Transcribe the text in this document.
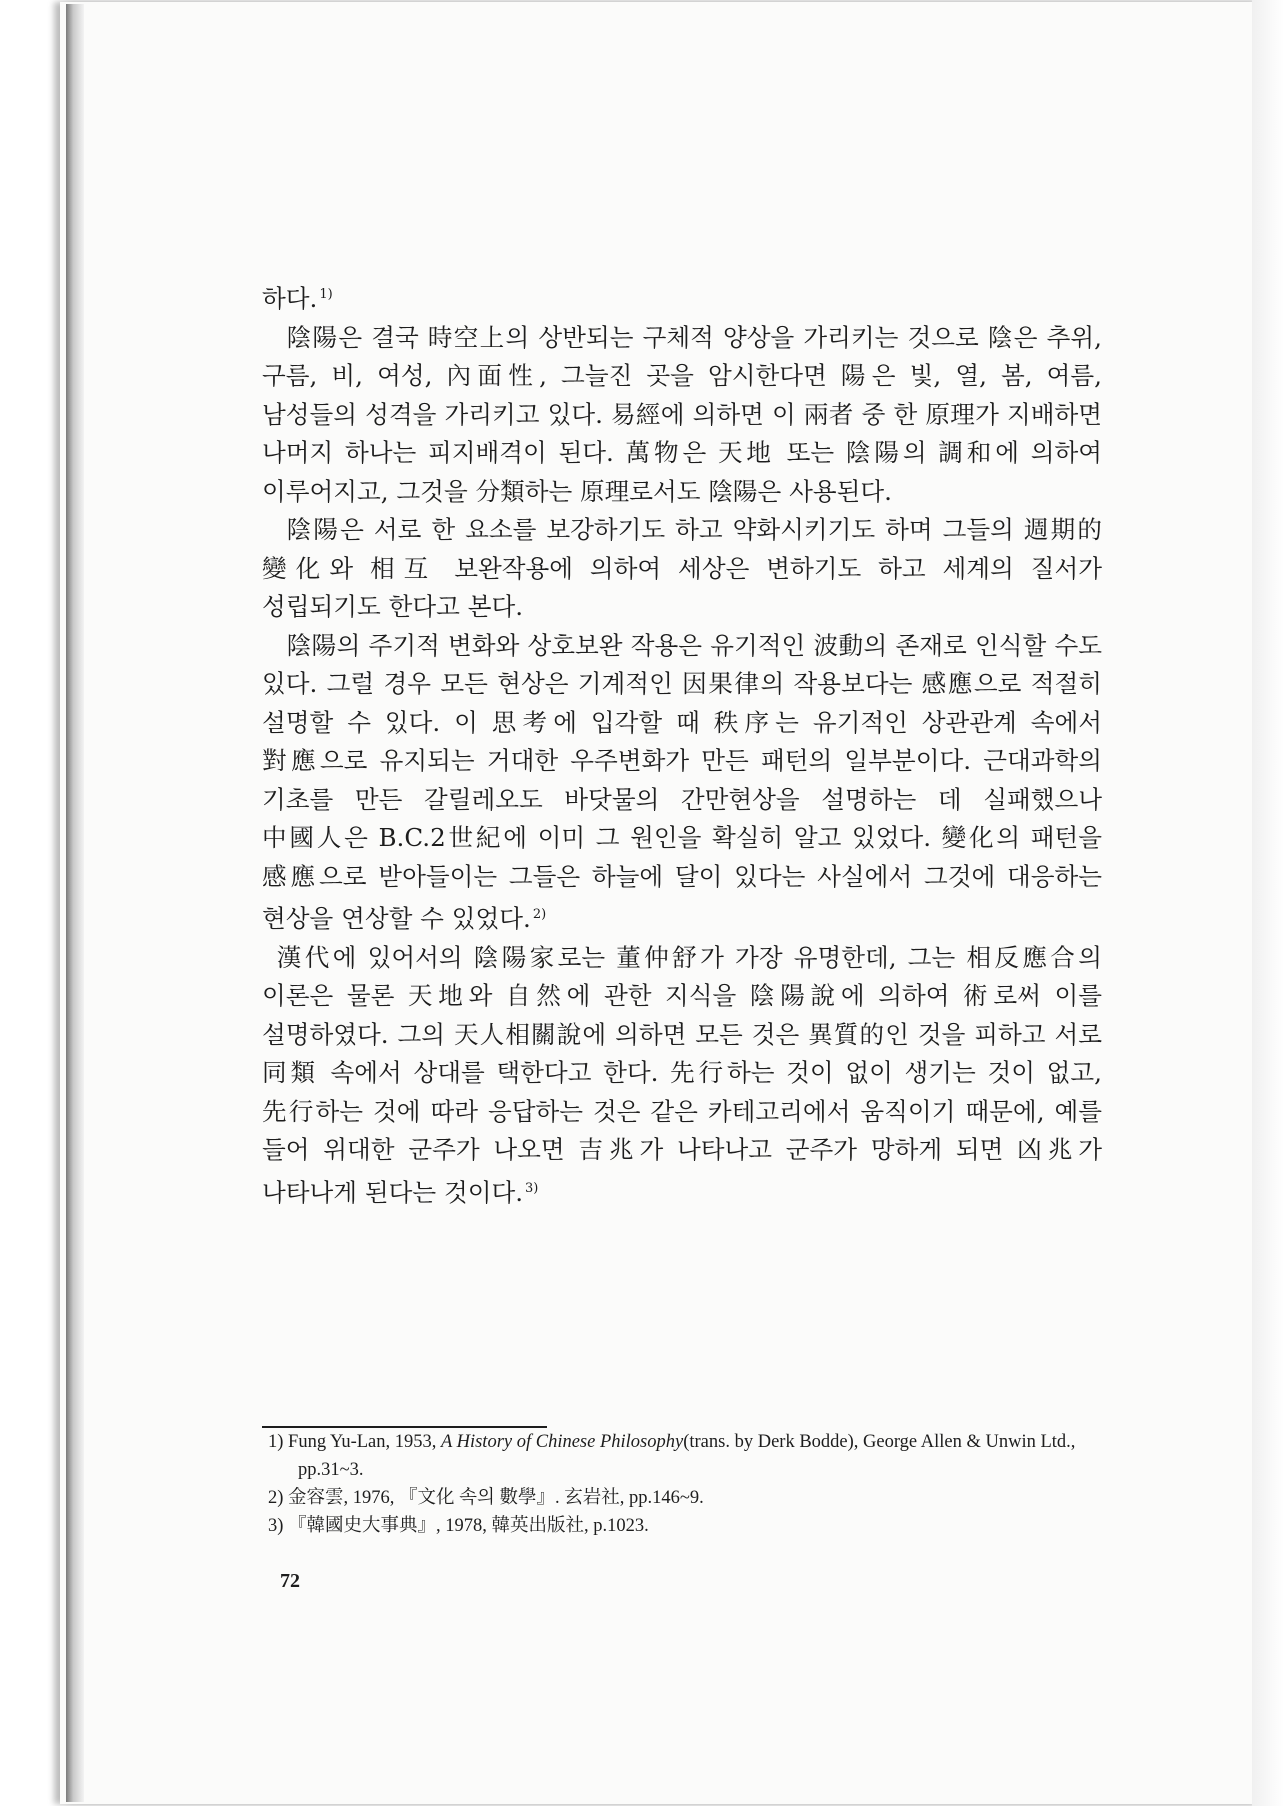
하다. $^{1)}$

陰陽은 결국 時空上의 상반되는 구체적 양상을 가리키는 것으로 陰은 추위, 구름, 비, 여성, 內面性, 그늘진 곳을 암시한다면 陽은 빛, 열, 봄, 여름, 남성들의 성격을 가리키고 있다. 易經에 의하면 이 兩者 중 한 原理가 지배하면 나머지 하나는 피지배격이 된다. 萬物은 天地 또는 陰陽의 調和에 의하여 이루어지고, 그것을 分類하는 原理로서도 陰陽은 사용된다.

陰陽은 서로 한 요소를 보강하기도 하고 약화시키기도 하며 그들의 週期的 變化와 相互 보완작용에 의하여 세상은 변하기도 하고 세계의 질서가 성립되기도 한다고 본다.

陰陽의 주기적 변화와 상호보완 작용은 유기적인 波動의 존재로 인식할 수도 있다. 그럴 경우 모든 현상은 기계적인 因果律의 작용보다는 感應으로 적절히 설명할 수 있다. 이 思考에 입각할 때 秩序는 유기적인 상관관계 속에서 對應으로 유지되는 거대한 우주변화가 만든 패턴의 일부분이다. 근대과학의 기초를 만든 갈릴레오도 바닷물의 간만현상을 설명하는 데 실패했으나 中國人은 B.C.2世紀에 이미 그 원인을 확실히 알고 있었다. 變化의 패턴을 感應으로 받아들이는 그들은 하늘에 달이 있다는 사실에서 그것에 대응하는 현상을 연상할 수 있었다. $^{2)}$

漢代에 있어서의 陰陽家로는 董仲舒가 가장 유명한데, 그는 相反應合의 이론은 물론 天地와 自然에 관한 지식을 陰陽說에 의하여 術로써 이를 설명하였다. 그의 天人相關說에 의하면 모든 것은 異質的인 것을 피하고 서로 同類 속에서 상대를 택한다고 한다. 先行하는 것이 없이 생기는 것이 없고, 先行하는 것에 따라 응답하는 것은 같은 카테고리에서 움직이기 때문에, 예를 들어 위대한 군주가 나오면 吉兆가 나타나고 군주가 망하게 되면 凶兆가 나타나게 된다는 것이다. $^{3)}$

1) Fung Yu-Lan, 1953, A History of Chinese Philosophy(trans. by Derk Bodde), George Allen & Unwin Ltd., pp.31~3.
2) 金容雲, 1976, 『文化 속의 數學』. 玄岩社, pp.146~9.
3) 『韓國史大事典』, 1978, 韓英出版社, p.1023.
72
